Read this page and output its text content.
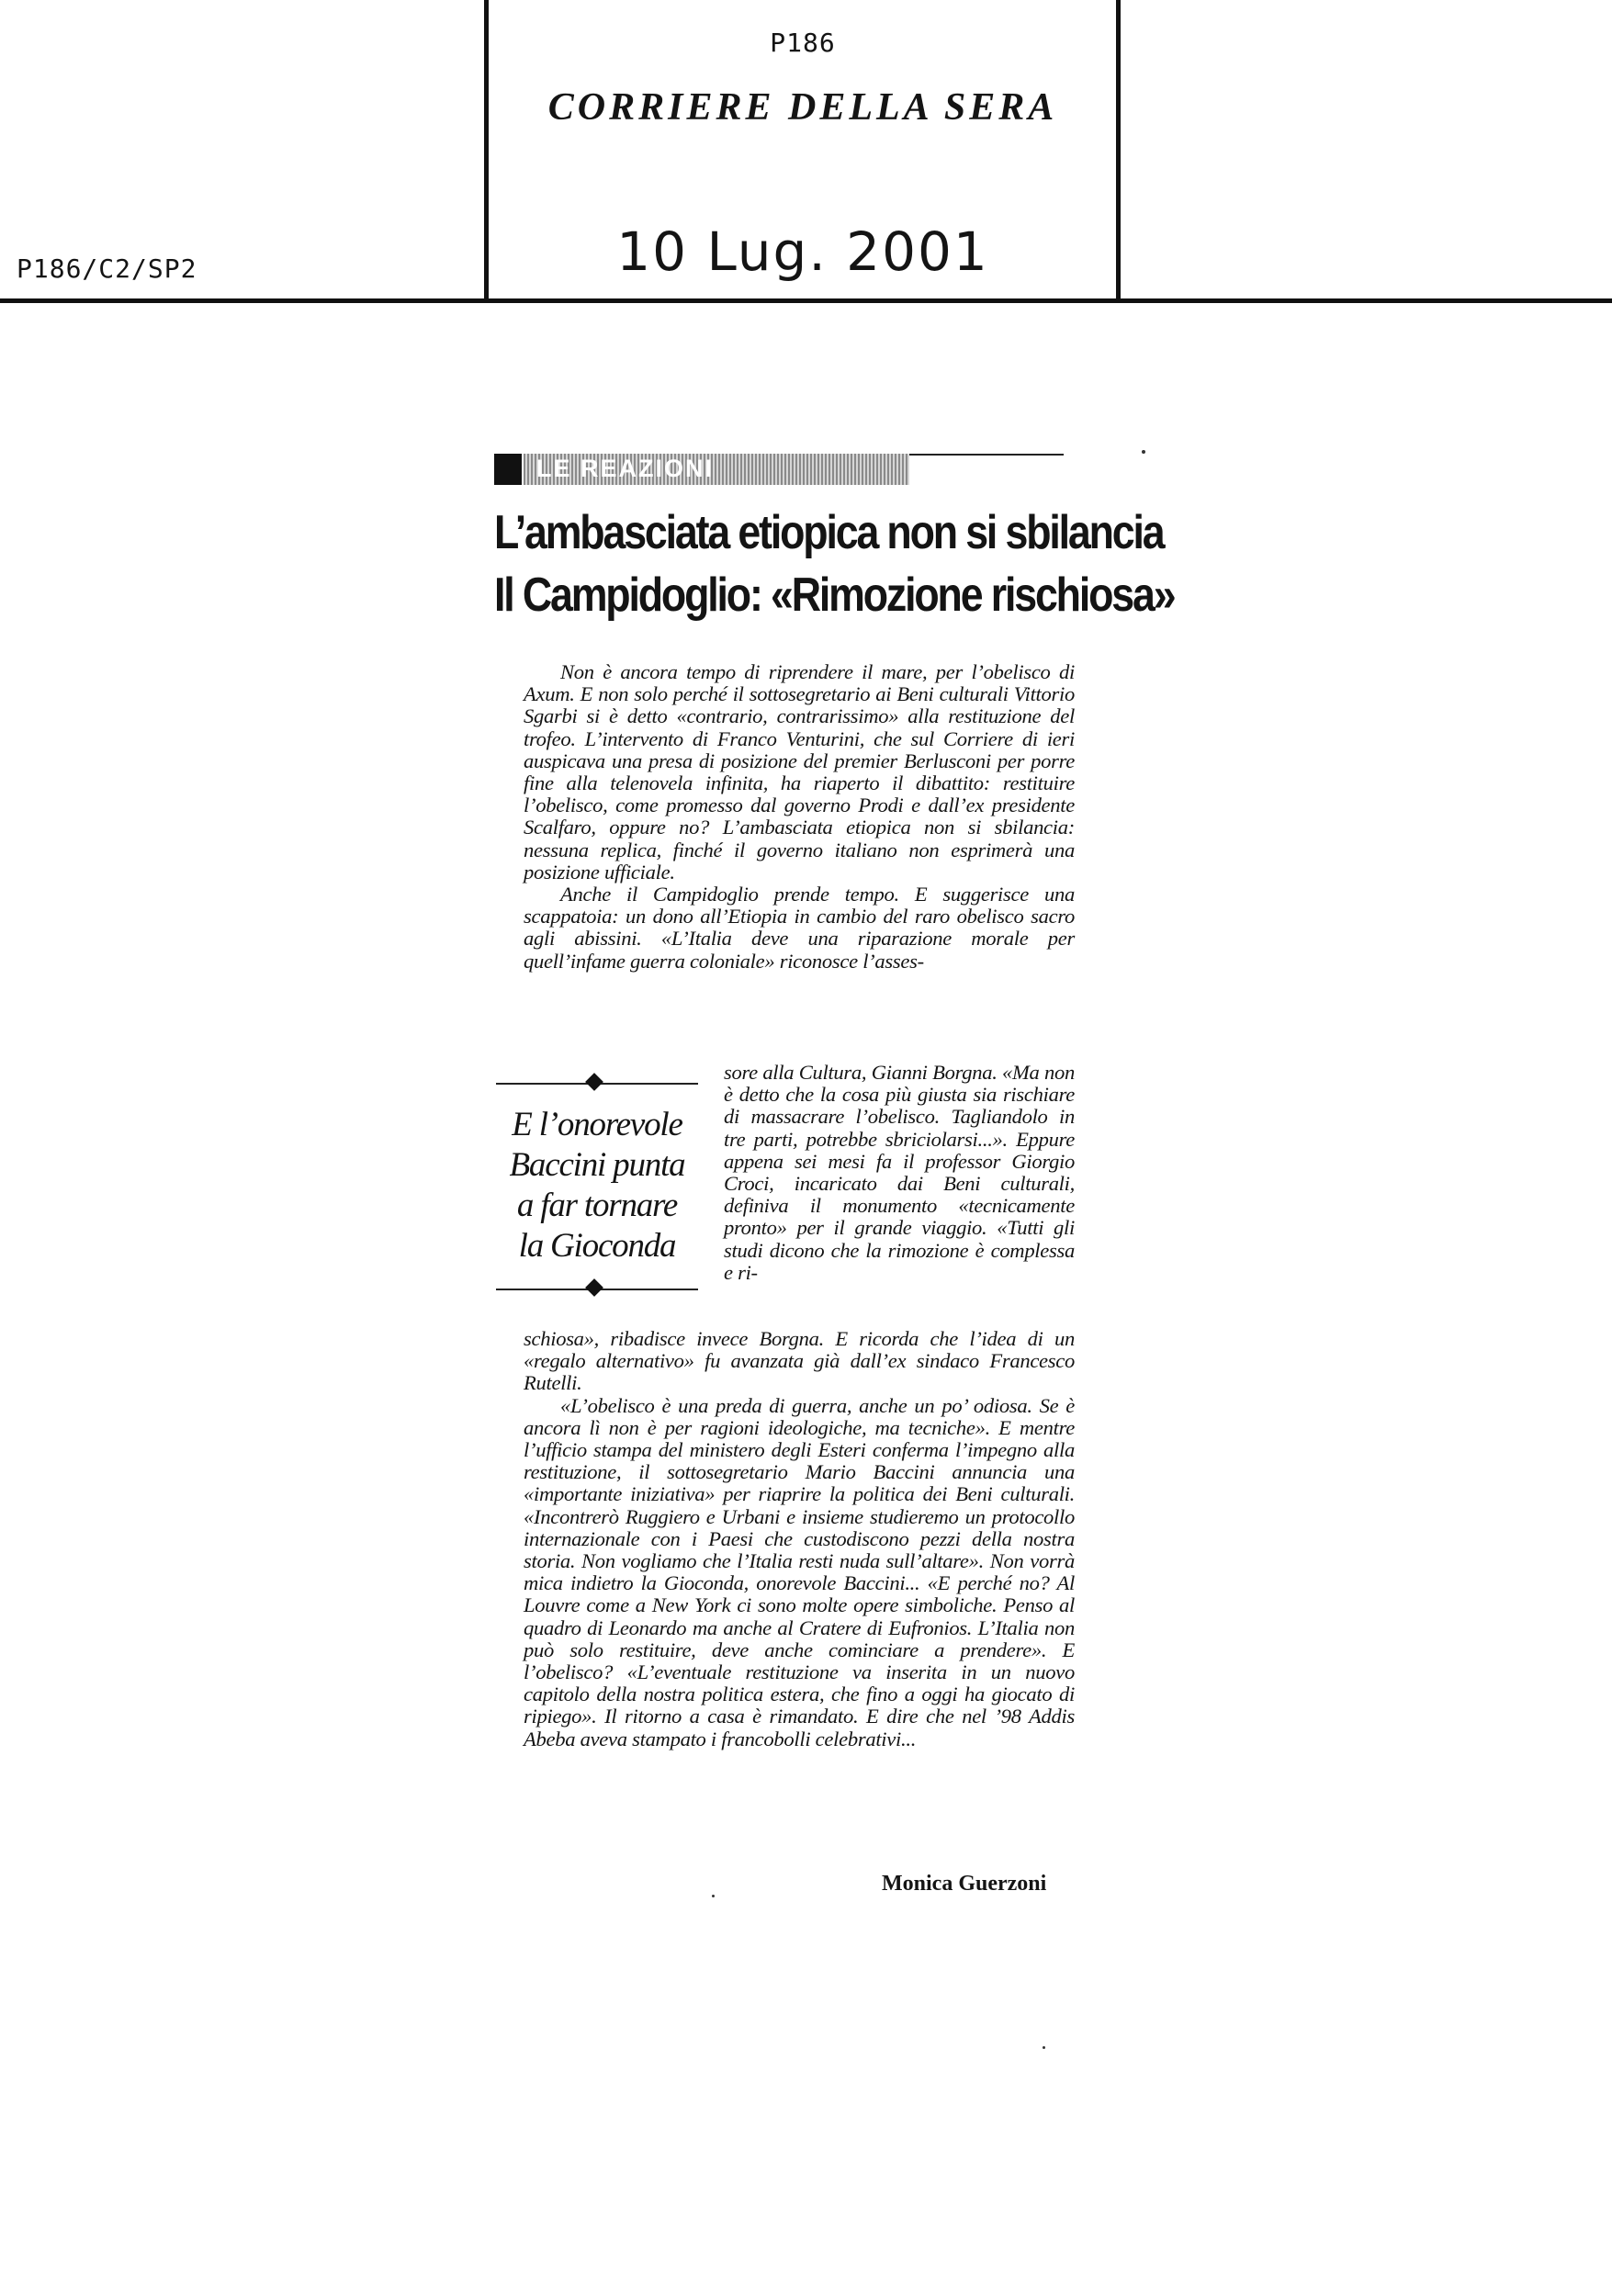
P186
CORRIERE DELLA SERA
10 Lug. 2001
P186/C2/SP2
LE REAZIONI
L’ambasciata etiopica non si sbilancia
Il Campidoglio: «Rimozione rischiosa»

Non è ancora tempo di riprendere il mare, per l’obelisco di Axum. E non solo perché il sottosegretario ai Beni culturali Vittorio Sgarbi si è detto «contrario, contrarissimo» alla restituzione del trofeo. L’intervento di Franco Venturini, che sul Corriere di ieri auspicava una presa di posizione del premier Berlusconi per porre fine alla telenovela infinita, ha riaperto il dibattito: restituire l’obelisco, come promesso dal governo Prodi e dall’ex presidente Scalfaro, oppure no? L’ambasciata etiopica non si sbilancia: nessuna replica, finché il governo italiano non esprimerà una posizione ufficiale.

Anche il Campidoglio prende tempo. E suggerisce una scappatoia: un dono all’Etiopia in cambio del raro obelisco sacro agli abissini. «L’Italia deve una riparazione morale per quell’infame guerra coloniale» riconosce l’asses-

sore alla Cultura, Gianni Borgna. «Ma non è detto che la cosa più giusta sia rischiare di massacrare l’obelisco. Tagliandolo in tre parti, potrebbe sbriciolarsi...». Eppure appena sei mesi fa il professor Giorgio Croci, incaricato dai Beni culturali, definiva il monumento «tecnicamente pronto» per il grande viaggio. «Tutti gli studi dicono che la rimozione è complessa e ri-

E l’onorevole
Baccini punta
a far tornare
la Gioconda

schiosa», ribadisce invece Borgna. E ricorda che l’idea di un «regalo alternativo» fu avanzata già dall’ex sindaco Francesco Rutelli.

«L’obelisco è una preda di guerra, anche un po’ odiosa. Se è ancora lì non è per ragioni ideologiche, ma tecniche». E mentre l’ufficio stampa del ministero degli Esteri conferma l’impegno alla restituzione, il sottosegretario Mario Baccini annuncia una «importante iniziativa» per riaprire la politica dei Beni culturali. «Incontrerò Ruggiero e Urbani e insieme studieremo un protocollo internazionale con i Paesi che custodiscono pezzi della nostra storia. Non vogliamo che l’Italia resti nuda sull’altare». Non vorrà mica indietro la Gioconda, onorevole Baccini... «E perché no? Al Louvre come a New York ci sono molte opere simboliche. Penso al quadro di Leonardo ma anche al Cratere di Eufronios. L’Italia non può solo restituire, deve anche cominciare a prendere». E l’obelisco? «L’eventuale restituzione va inserita in un nuovo capitolo della nostra politica estera, che fino a oggi ha giocato di ripiego». Il ritorno a casa è rimandato. E dire che nel ’98 Addis Abeba aveva stampato i francobolli celebrativi...

Monica Guerzoni
